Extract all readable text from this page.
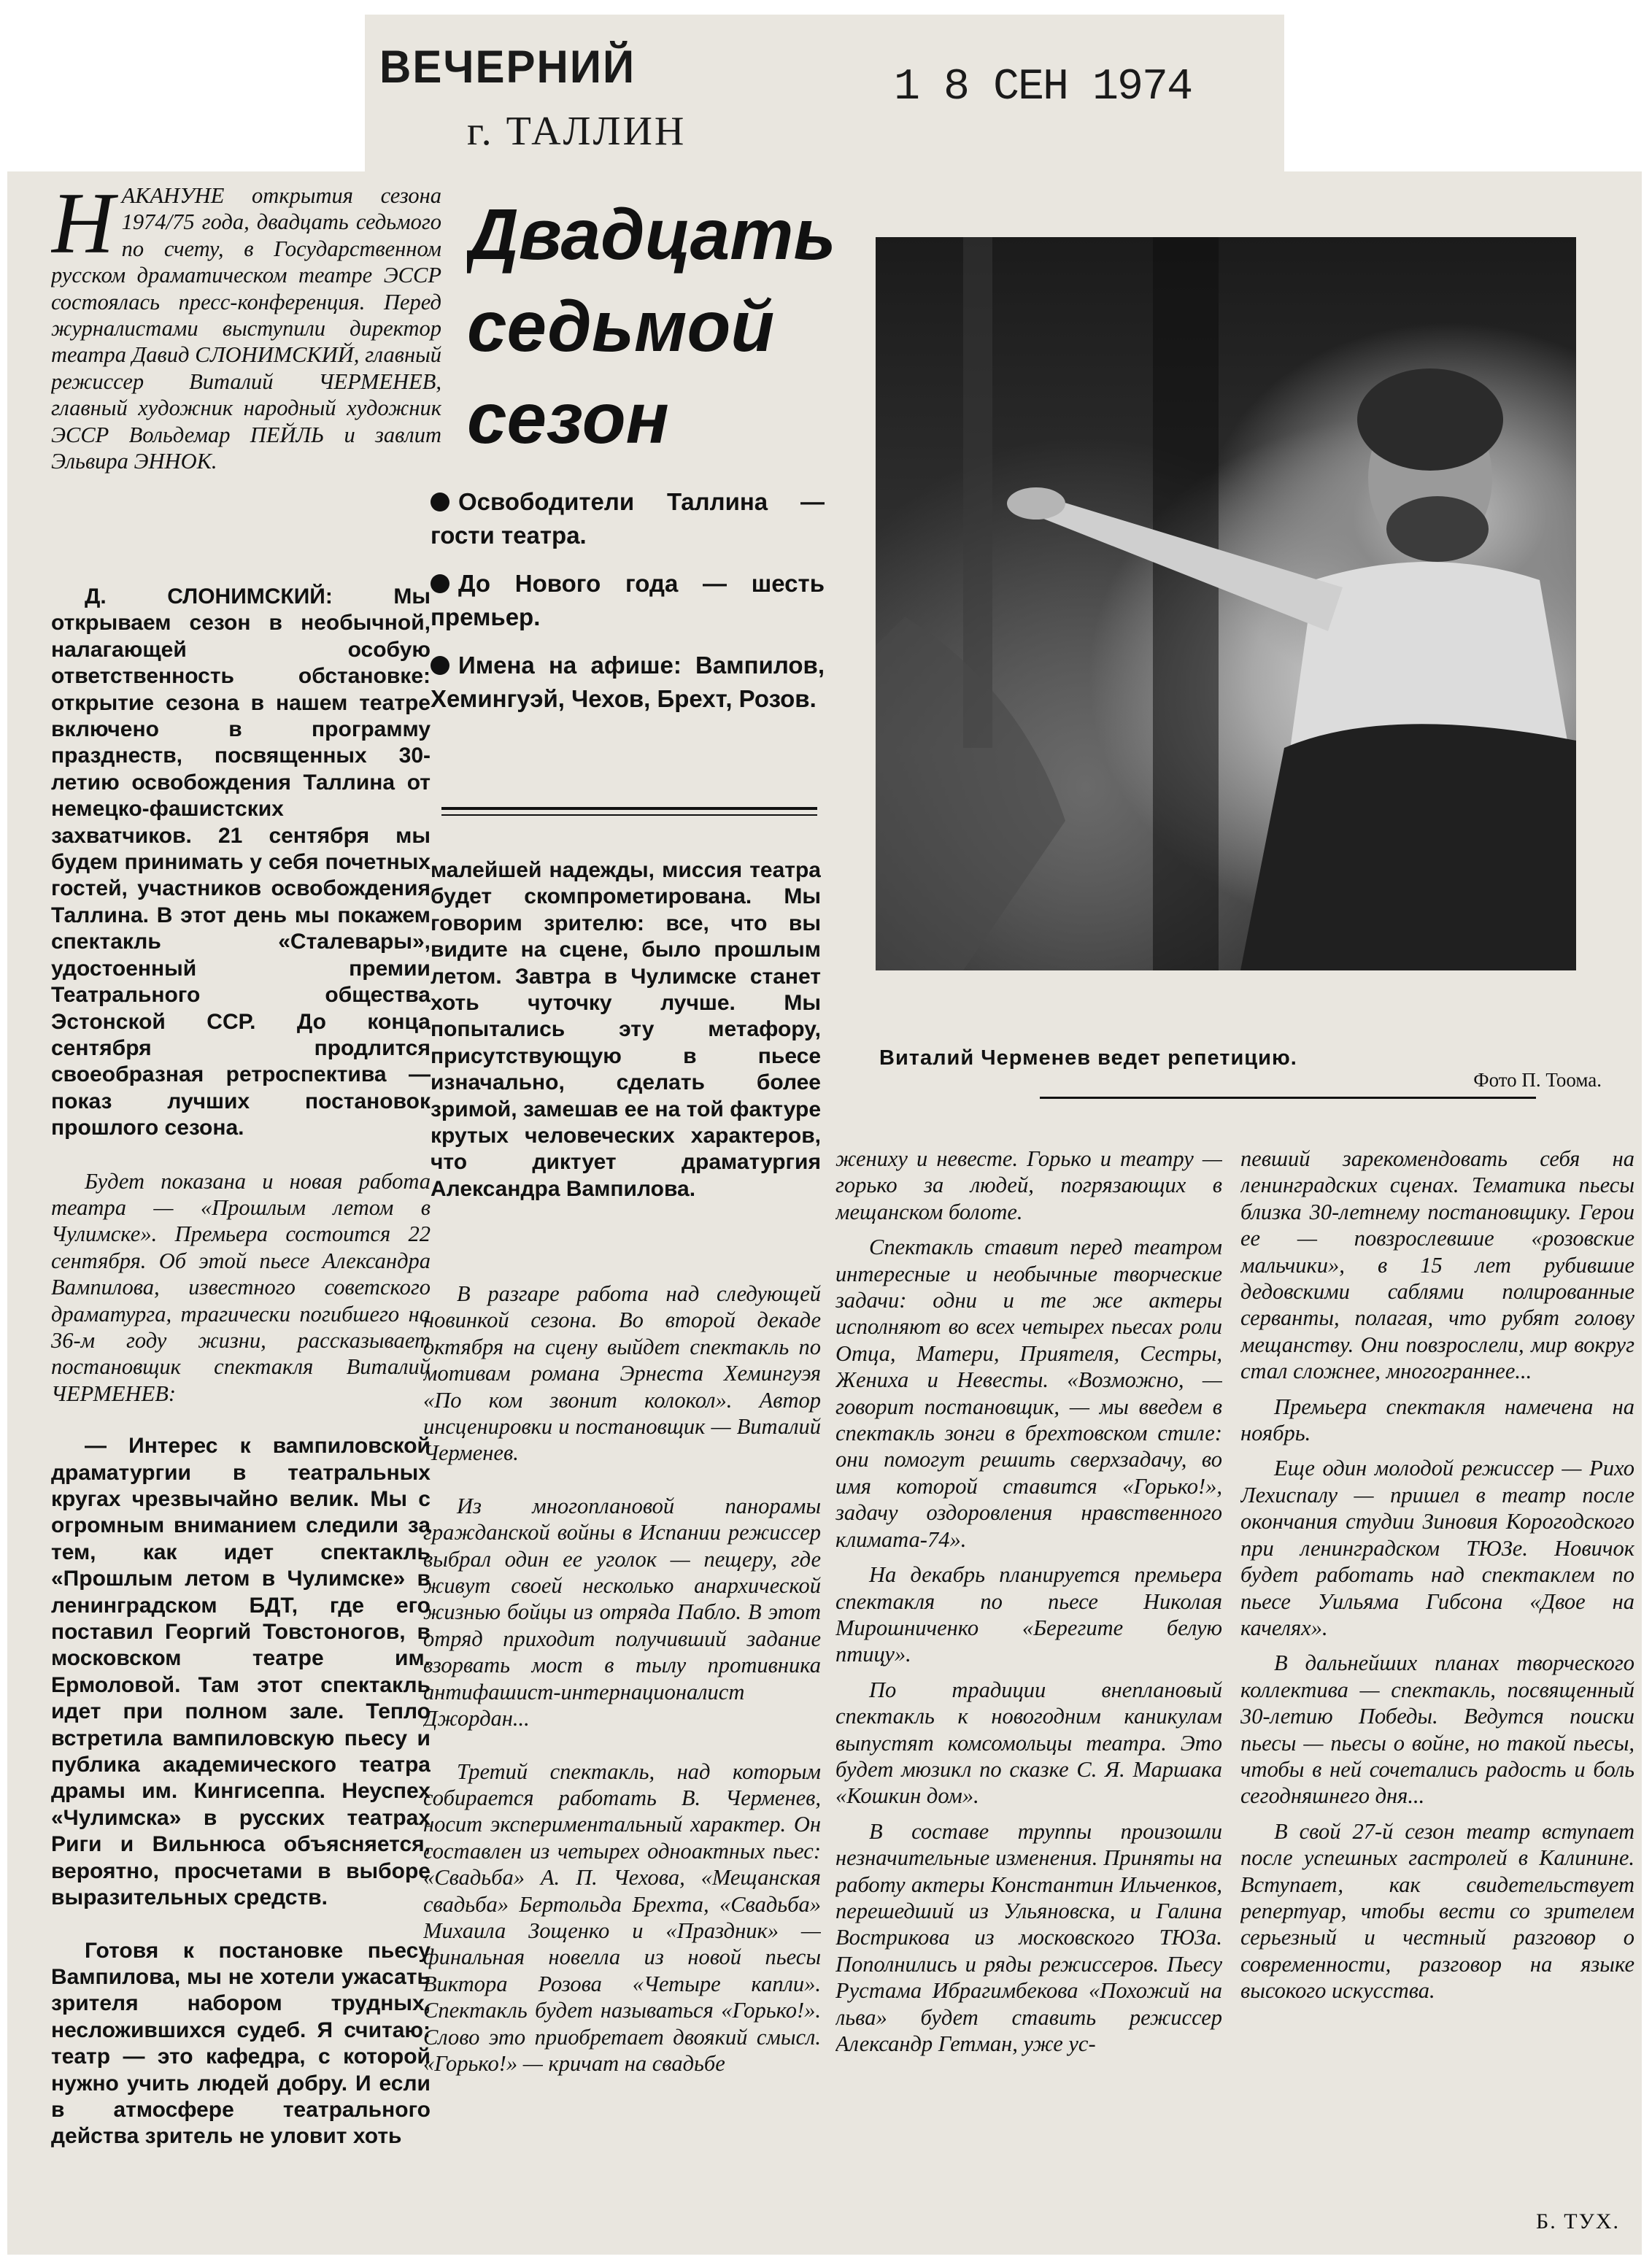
ВЕЧЕРНИЙ	1 8 СЕН 1974
г. ТАЛЛИН
Двадцать
седьмой
сезон

Освободители Таллина — гости театра.

До Нового года — шесть премьер.

Имена на афише: Вампилов, Хемингуэй, Чехов, Брехт, Розов.

Виталий Черменев ведет репетицию.
Фото П. Тоома.
Н АКАНУНЕ открытия сезона 1974/75 года, двадцать седьмого по счету, в Государственном русском драматическом театре ЭССР состоялась пресс-конференция. Перед журналистами выступили директор театра Давид СЛОНИМСКИЙ, главный режиссер Виталий ЧЕРМЕНЕВ, главный художник народный художник ЭССР Вольдемар ПЕЙЛЬ и завлит Эльвира ЭННОК.

Д. СЛОНИМСКИЙ: Мы открываем сезон в необычной, налагающей особую ответственность обстановке: открытие сезона в нашем театре включено в программу празднеств, посвященных 30-летию освобождения Таллина от немецко-фашистских захватчиков. 21 сентября мы будем принимать у себя почетных гостей, участников освобождения Таллина. В этот день мы покажем спектакль «Сталевары», удостоенный премии Театрального общества Эстонской ССР. До конца сентября продлится своеобразная ретроспектива — показ лучших постановок прошлого сезона.

Будет показана и новая работа театра — «Прошлым летом в Чулимске». Премьера состоится 22 сентября. Об этой пьесе Александра Вампилова, известного советского драматурга, трагически погибшего на 36-м году жизни, рассказывает постановщик спектакля Виталий ЧЕРМЕНЕВ:

— Интерес к вампиловской драматургии в театральных кругах чрезвычайно велик. Мы с огромным вниманием следили за тем, как идет спектакль «Прошлым летом в Чулимске» в ленинградском БДТ, где его поставил Георгий Товстоногов, в московском театре им. Ермоловой. Там этот спектакль идет при полном зале. Тепло встретила вампиловскую пьесу и публика академического театра драмы им. Кингисеппа. Неуспех «Чулимска» в русских театрах Риги и Вильнюса объясняется, вероятно, просчетами в выборе выразительных средств.

Готовя к постановке пьесу Вампилова, мы не хотели ужасать зрителя набором трудных, несложившихся судеб. Я считаю: театр — это кафедра, с которой нужно учить людей добру. И если в атмосфере театрального действа зритель не уловит хоть

малейшей надежды, миссия театра будет скомпрометирована. Мы говорим зрителю: все, что вы видите на сцене, было прошлым летом. Завтра в Чулимске станет хоть чуточку лучше. Мы попытались эту метафору, присутствующую в пьесе изначально, сделать более зримой, замешав ее на той фактуре крутых человеческих характеров, что диктует драматургия Александра Вампилова.

В разгаре работа над следующей новинкой сезона. Во второй декаде октября на сцену выйдет спектакль по мотивам романа Эрнеста Хемингуэя «По ком звонит колокол». Автор инсценировки и постановщик — Виталий Черменев.

Из многоплановой панорамы гражданской войны в Испании режиссер выбрал один ее уголок — пещеру, где живут своей несколько анархической жизнью бойцы из отряда Пабло. В этот отряд приходит получивший задание взорвать мост в тылу противника антифашист-интернационалист Джордан...

Третий спектакль, над которым собирается работать В. Черменев, носит экспериментальный характер. Он составлен из четырех одноактных пьес: «Свадьба» А. П. Чехова, «Мещанская свадьба» Бертольда Брехта, «Свадьба» Михаила Зощенко и «Праздник» — финальная новелла из новой пьесы Виктора Розова «Четыре капли». Спектакль будет называться «Горько!». Слово это приобретает двоякий смысл. «Горько!» — кричат на свадьбе

жениху и невесте. Горько и театру — горько за людей, погрязающих в мещанском болоте.

Спектакль ставит перед театром интересные и необычные творческие задачи: одни и те же актеры исполняют во всех четырех пьесах роли Отца, Матери, Приятеля, Сестры, Жениха и Невесты. «Возможно, — говорит постановщик, — мы введем в спектакль зонги в брехтовском стиле: они помогут решить сверхзадачу, во имя которой ставится «Горько!», задачу оздоровления нравственного климата-74».

На декабрь планируется премьера спектакля по пьесе Николая Мирошниченко «Берегите белую птицу».

По традиции внеплановый спектакль к новогодним каникулам выпустят комсомольцы театра. Это будет мюзикл по сказке С. Я. Маршака «Кошкин дом».

В составе труппы произошли незначительные изменения. Приняты на работу актеры Константин Ильченков, перешедший из Ульяновска, и Галина Вострикова из московского ТЮЗа. Пополнились и ряды режиссеров. Пьесу Рустама Ибрагимбекова «Похожий на льва» будет ставить режиссер Александр Гетман, уже ус-

певший зарекомендовать себя на ленинградских сценах. Тематика пьесы близка 30-летнему постановщику. Герои ее — повзрослевшие «розовские мальчики», в 15 лет рубившие дедовскими саблями полированные серванты, полагая, что рубят голову мещанству. Они повзрослели, мир вокруг стал сложнее, многограннее...

Премьера спектакля намечена на ноябрь.

Еще один молодой режиссер — Рихо Лехиспалу — пришел в театр после окончания студии Зиновия Корогодского при ленинградском ТЮЗе. Новичок будет работать над спектаклем по пьесе Уильяма Гибсона «Двое на качелях».

В дальнейших планах творческого коллектива — спектакль, посвященный 30-летию Победы. Ведутся поиски пьесы — пьесы о войне, но такой пьесы, чтобы в ней сочетались радость и боль сегодняшнего дня...

В свой 27-й сезон театр вступает после успешных гастролей в Калинине. Вступает, как свидетельствует репертуар, чтобы вести со зрителем серьезный и честный разговор о современности, разговор на языке высокого искусства.

Б. ТУХ.
